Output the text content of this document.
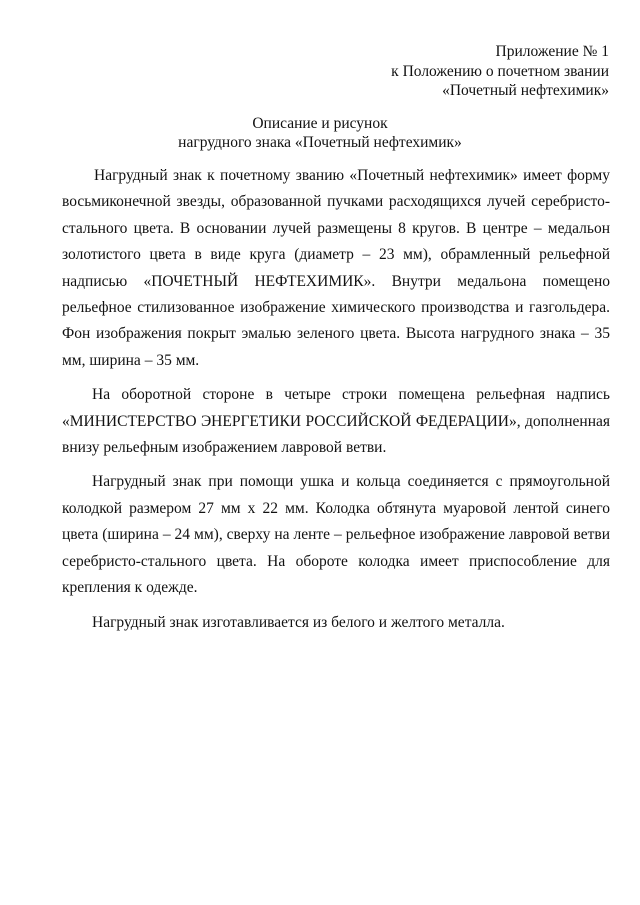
Приложение № 1
к Положению о почетном звании
«Почетный нефтехимик»
Описание и рисунок
нагрудного знака «Почетный нефтехимик»

Нагрудный знак к почетному званию «Почетный нефтехимик» имеет форму восьмиконечной звезды, образованной пучками расходящихся лучей серебристо-стального цвета. В основании лучей размещены 8 кругов. В центре – медальон золотистого цвета в виде круга (диаметр – 23 мм), обрамленный рельефной надписью «ПОЧЕТНЫЙ НЕФТЕХИМИК». Внутри медальона помещено рельефное стилизованное изображение химического производства и газгольдера. Фон изображения покрыт эмалью зеленого цвета. Высота нагрудного знака – 35 мм, ширина – 35 мм.

На оборотной стороне в четыре строки помещена рельефная надпись «МИНИСТЕРСТВО ЭНЕРГЕТИКИ РОССИЙСКОЙ ФЕДЕРАЦИИ», дополненная внизу рельефным изображением лавровой ветви.

Нагрудный знак при помощи ушка и кольца соединяется с прямоугольной колодкой размером 27 мм х 22 мм. Колодка обтянута муаровой лентой синего цвета (ширина – 24 мм), сверху на ленте – рельефное изображение лавровой ветви серебристо-стального цвета. На обороте колодка имеет приспособление для крепления к одежде.

Нагрудный знак изготавливается из белого и желтого металла.
